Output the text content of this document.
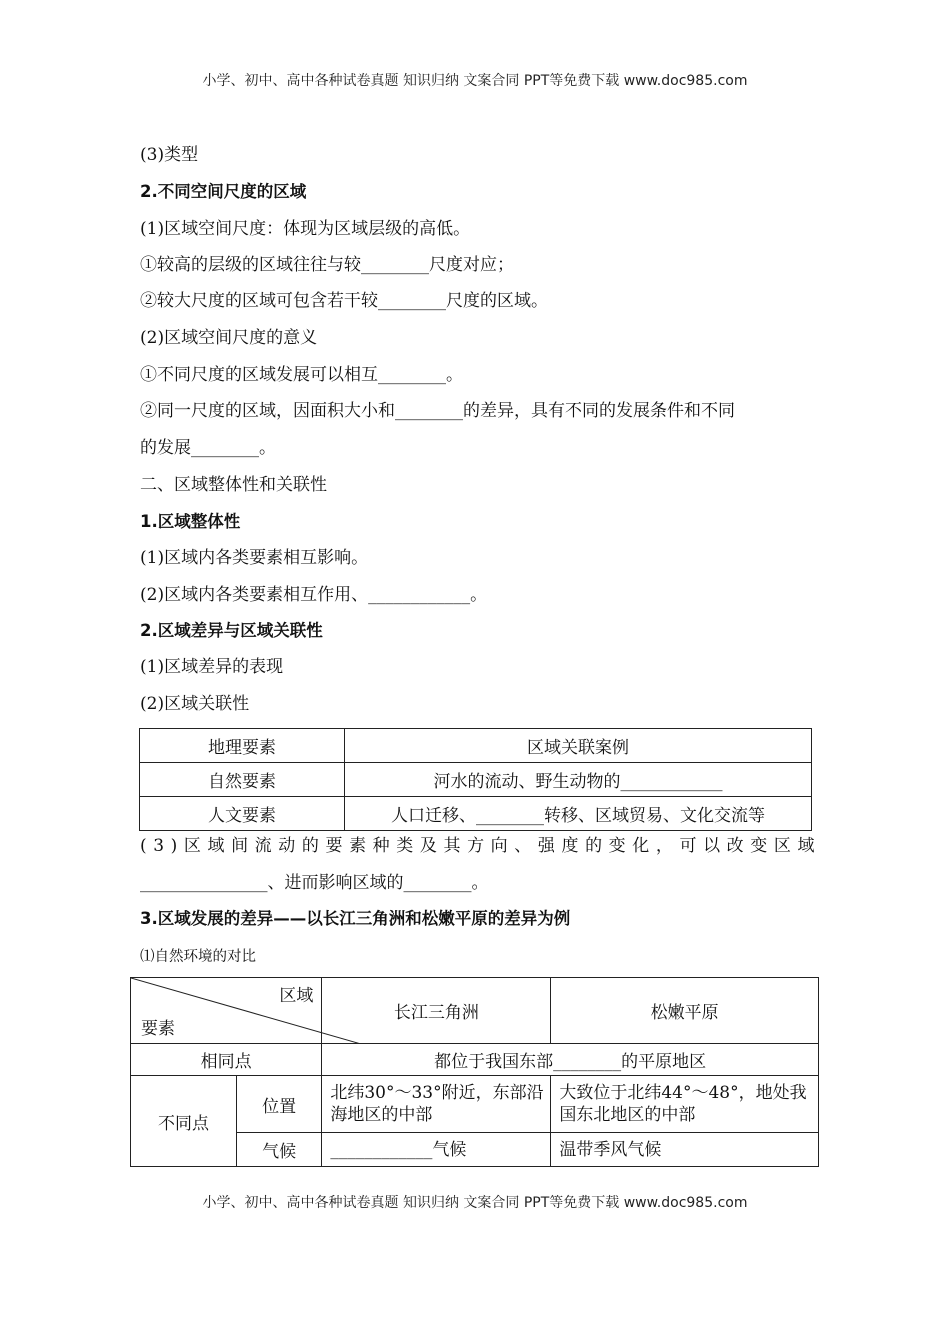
小学、初中、高中各种试卷真题 知识归纳 文案合同 PPT等免费下载 www.doc985.com
(3)类型
2.不同空间尺度的区域
(1)区域空间尺度：体现为区域层级的高低。
①较高的层级的区域往往与较________尺度对应；
②较大尺度的区域可包含若干较________尺度的区域。
(2)区域空间尺度的意义
①不同尺度的区域发展可以相互________。
②同一尺度的区域，因面积大小和________的差异，具有不同的发展条件和不同
的发展________。
二、区域整体性和关联性
1.区域整体性
(1)区域内各类要素相互影响。
(2)区域内各类要素相互作用、____________。
2.区域差异与区域关联性
(1)区域差异的表现
(2)区域关联性
地理要素	区域关联案例
自然要素	河水的流动、野生动物的____________
人文要素	人口迁移、________转移、区域贸易、文化交流等
(3)区域间流动的要素种类及其方向、强度的变化，可以改变区域
_______________、进而影响区域的________。
3.区域发展的差异——以长江三角洲和松嫩平原的差异为例
⑴自然环境的对比
区域
要素		长江三角洲	松嫩平原
相同点		都位于我国东部________的平原地区	
不同点	位置	北纬30°～33°附近，东部沿海地区的中部	大致位于北纬44°～48°，地处我国东北地区的中部
	气候	____________气候	温带季风气候
小学、初中、高中各种试卷真题 知识归纳 文案合同 PPT等免费下载 www.doc985.com
